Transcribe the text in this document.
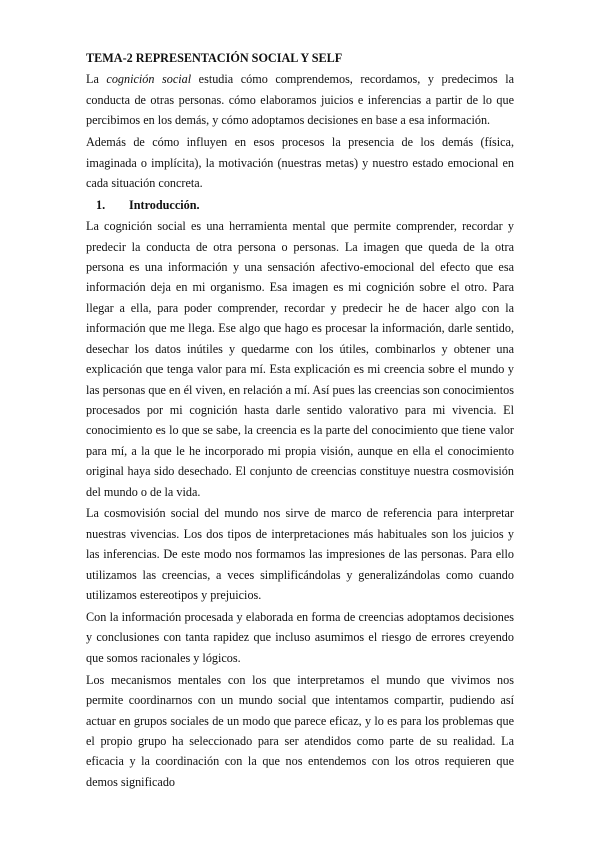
TEMA-2 REPRESENTACIÓN SOCIAL Y SELF

La cognición social estudia cómo comprendemos, recordamos, y predecimos la conducta de otras personas. cómo elaboramos juicios e inferencias a partir de lo que percibimos en los demás, y cómo adoptamos decisiones en base a esa información.

Además de cómo influyen en esos procesos la presencia de los demás (física, imaginada o implícita), la motivación (nuestras metas) y nuestro estado emocional en cada situación concreta.

1. Introducción.

La cognición social es una herramienta mental que permite comprender, recordar y predecir la conducta de otra persona o personas. La imagen que queda de la otra persona es una información y una sensación afectivo-emocional del efecto que esa información deja en mi organismo. Esa imagen es mi cognición sobre el otro. Para llegar a ella, para poder comprender, recordar y predecir he de hacer algo con la información que me llega. Ese algo que hago es procesar la información, darle sentido, desechar los datos inútiles y quedarme con los útiles, combinarlos y obtener una explicación que tenga valor para mí. Esta explicación es mi creencia sobre el mundo y las personas que en él viven, en relación a mí. Así pues las creencias son conocimientos procesados por mi cognición hasta darle sentido valorativo para mi vivencia. El conocimiento es lo que se sabe, la creencia es la parte del conocimiento que tiene valor para mí, a la que le he incorporado mi propia visión, aunque en ella el conocimiento original haya sido desechado. El conjunto de creencias constituye nuestra cosmovisión del mundo o de la vida.

La cosmovisión social del mundo nos sirve de marco de referencia para interpretar nuestras vivencias. Los dos tipos de interpretaciones más habituales son los juicios y las inferencias. De este modo nos formamos las impresiones de las personas. Para ello utilizamos las creencias, a veces simplificándolas y generalizándolas como cuando utilizamos estereotipos y prejuicios.

Con la información procesada y elaborada en forma de creencias adoptamos decisiones y conclusiones con tanta rapidez que incluso asumimos el riesgo de errores creyendo que somos racionales y lógicos.

Los mecanismos mentales con los que interpretamos el mundo que vivimos nos permite coordinarnos con un mundo social que intentamos compartir, pudiendo así actuar en grupos sociales de un modo que parece eficaz, y lo es para los problemas que el propio grupo ha seleccionado para ser atendidos como parte de su realidad. La eficacia y la coordinación con la que nos entendemos con los otros requieren que demos significado
